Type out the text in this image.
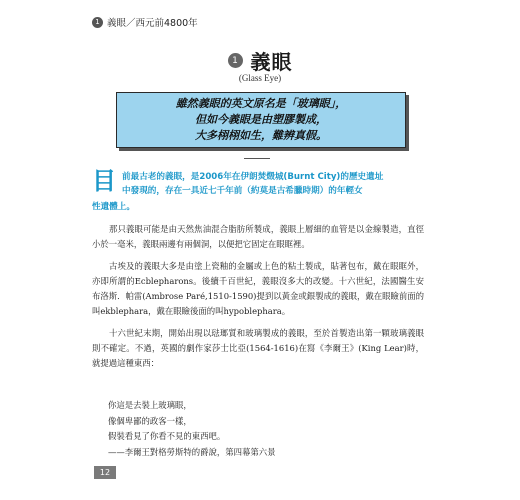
1 義眼／西元前4800年
1 義眼
(Glass Eye)
雖然義眼的英文原名是「玻璃眼」，
但如今義眼是由塑膠製成，
大多栩栩如生，難辨真假。
目 前最古老的義眼，是2006年在伊朗焚燬城(Burnt City)的歷史遺址
中發現的，存在一具近七千年前（約莫是古希臘時期）的年輕女
性遺體上。

那只義眼可能是由天然焦油混合脂肪所製成，義眼上層細的血管是以金線製造，直徑小於一毫米，義眼兩邊有兩個洞，以便把它固定在眼眶裡。

古埃及的義眼大多是由塗上瓷釉的金屬或上色的粘土製成，貼著包布，戴在眼眶外，亦即所謂的Ecblepharons。後續千百世紀，義眼沒多大的改變。十六世紀，法國醫生安布洛斯．帕雷(Ambrose Paré,1510-1590)提到以黃金或銀製成的義眼，戴在眼瞼前面的叫ekblephara，戴在眼瞼後面的叫hypoblephara。

十六世紀末期，開始出現以琺瑯質和玻璃製成的義眼，至於首製造出第一顆玻璃義眼則不確定。不過，英國的劇作家莎士比亞(1564-1616)在寫《李爾王》(King Lear)時，就提過這種東西：

你這是去裝上玻璃眼，
像個卑鄙的政客一樣，
假裝看見了你看不見的東西吧。
——李爾王對格勞斯特的爵說，第四幕第六景
12
